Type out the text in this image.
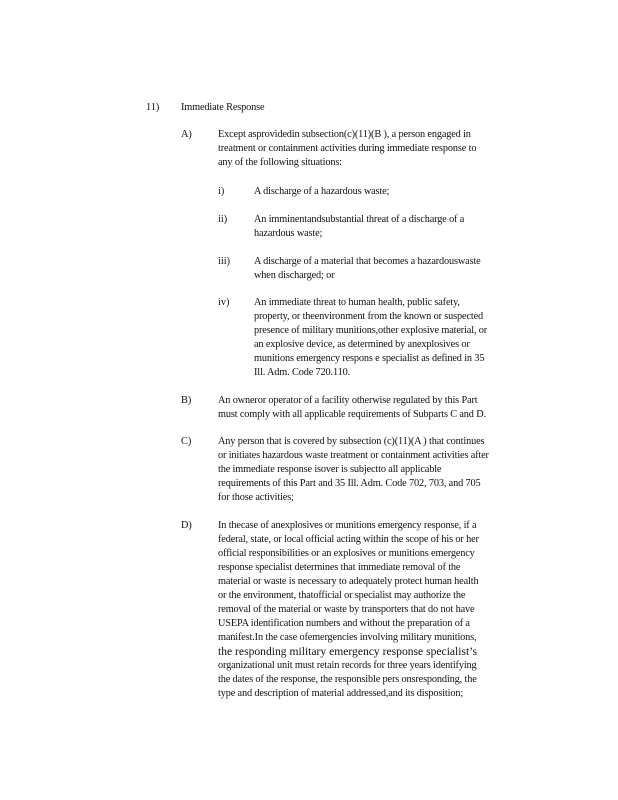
11) Immediate Response
A)	Except asprovidedin subsection(c)(11)(B ), a person engaged in
treatment or containment activities during immediate response to
any of the following situations:
i)	A discharge of a hazardous waste;
ii)	An imminentandsubstantial threat of a discharge of a
hazardous waste;
iii) A discharge of a material that becomes a hazardouswaste
when discharged; or
iv) An immediate threat to human health, public safety,
property, or theenvironment from the known or suspected
presence of military munitions,other explosive material, or
an explosive device, as determined by anexplosives or
munitions emergency respons e specialist as defined in 35
Ill. Adm. Code 720.110.
B)	An owneror operator of a facility otherwise regulated by this Part
must comply with all applicable requirements of Subparts C and D.
C)	Any person that is covered by subsection (c)(11)(A ) that continues
or initiates hazardous waste treatment or containment activities after
the immediate response isover is subjectto all applicable
requirements of this Part and 35 Ill. Adm. Code 702, 703, and 705
for those activities;
D)	In thecase of anexplosives or munitions emergency response, if a
federal, state, or local official acting within the scope of his or her
official responsibilities or an explosives or munitions emergency
response specialist determines that immediate removal of the
material or waste is necessary to adequately protect human health
or the environment, thatofficial or specialist may authorize the
removal of the material or waste by transporters that do not have
USEPA identification numbers and without the preparation of a
manifest.In the case ofemergencies involving military munitions,
the responding military emergency response specialist’s
organizational unit must retain records for three years identifying
the dates of the response, the responsible pers onsresponding, the
type and description of material addressed,and its disposition;
